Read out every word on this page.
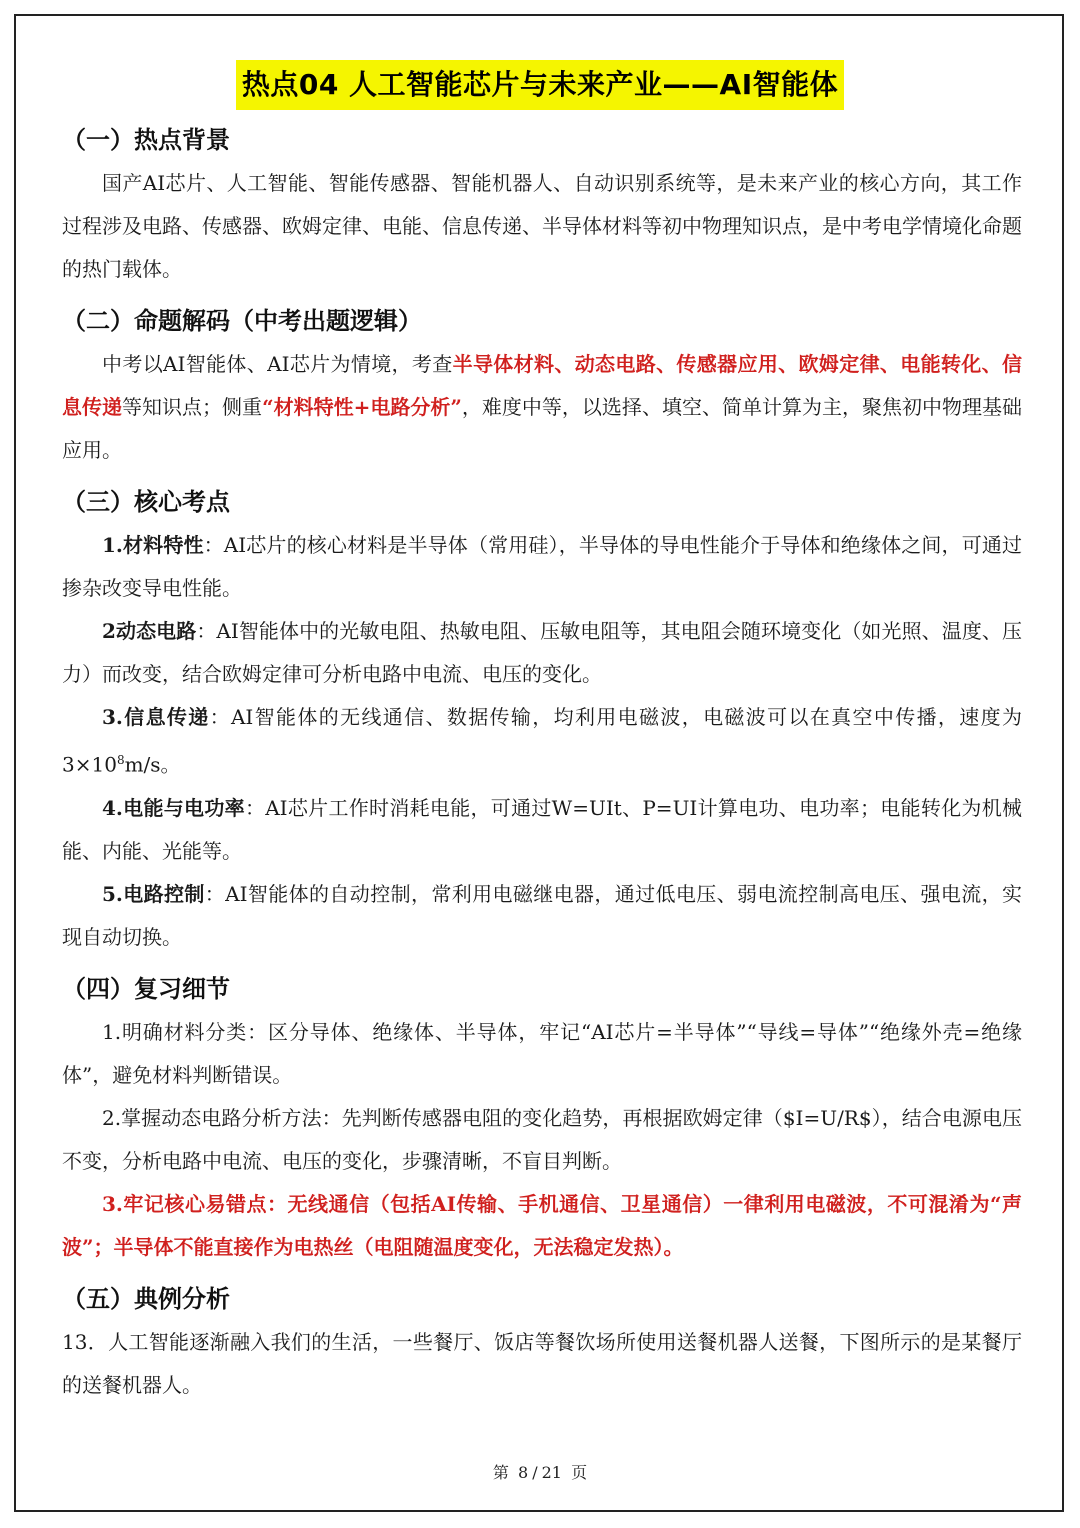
热点04 人工智能芯片与未来产业——AI智能体
（一）热点背景

国产AI芯片、人工智能、智能传感器、智能机器人、自动识别系统等，是未来产业的核心方向，其工作过程涉及电路、传感器、欧姆定律、电能、信息传递、半导体材料等初中物理知识点，是中考电学情境化命题的热门载体。

（二）命题解码（中考出题逻辑）

中考以AI智能体、AI芯片为情境，考查半导体材料、动态电路、传感器应用、欧姆定律、电能转化、信息传递等知识点；侧重“材料特性+电路分析”，难度中等，以选择、填空、简单计算为主，聚焦初中物理基础应用。

（三）核心考点

1.材料特性：AI芯片的核心材料是半导体（常用硅），半导体的导电性能介于导体和绝缘体之间，可通过掺杂改变导电性能。

2动态电路：AI智能体中的光敏电阻、热敏电阻、压敏电阻等，其电阻会随环境变化（如光照、温度、压力）而改变，结合欧姆定律可分析电路中电流、电压的变化。

3.信息传递：AI智能体的无线通信、数据传输，均利用电磁波，电磁波可以在真空中传播，速度为$3\times 10^8m/s$。

4.电能与电功率：AI芯片工作时消耗电能，可通过W=UIt、P=UI计算电功、电功率；电能转化为机械能、内能、光能等。

5.电路控制：AI智能体的自动控制，常利用电磁继电器，通过低电压、弱电流控制高电压、强电流，实现自动切换。

（四）复习细节

1.明确材料分类：区分导体、绝缘体、半导体，牢记“AI芯片=半导体”“导线=导体”“绝缘外壳=绝缘体”，避免材料判断错误。

2.掌握动态电路分析方法：先判断传感器电阻的变化趋势，再根据欧姆定律（$I=U/R$），结合电源电压不变，分析电路中电流、电压的变化，步骤清晰，不盲目判断。

3.牢记核心易错点：无线通信（包括AI传输、手机通信、卫星通信）一律利用电磁波，不可混淆为“声波”；半导体不能直接作为电热丝（电阻随温度变化，无法稳定发热）。

（五）典例分析

13．人工智能逐渐融入我们的生活，一些餐厅、饭店等餐饮场所使用送餐机器人送餐，下图所示的是某餐厅的送餐机器人。

第 8 / 21 页
